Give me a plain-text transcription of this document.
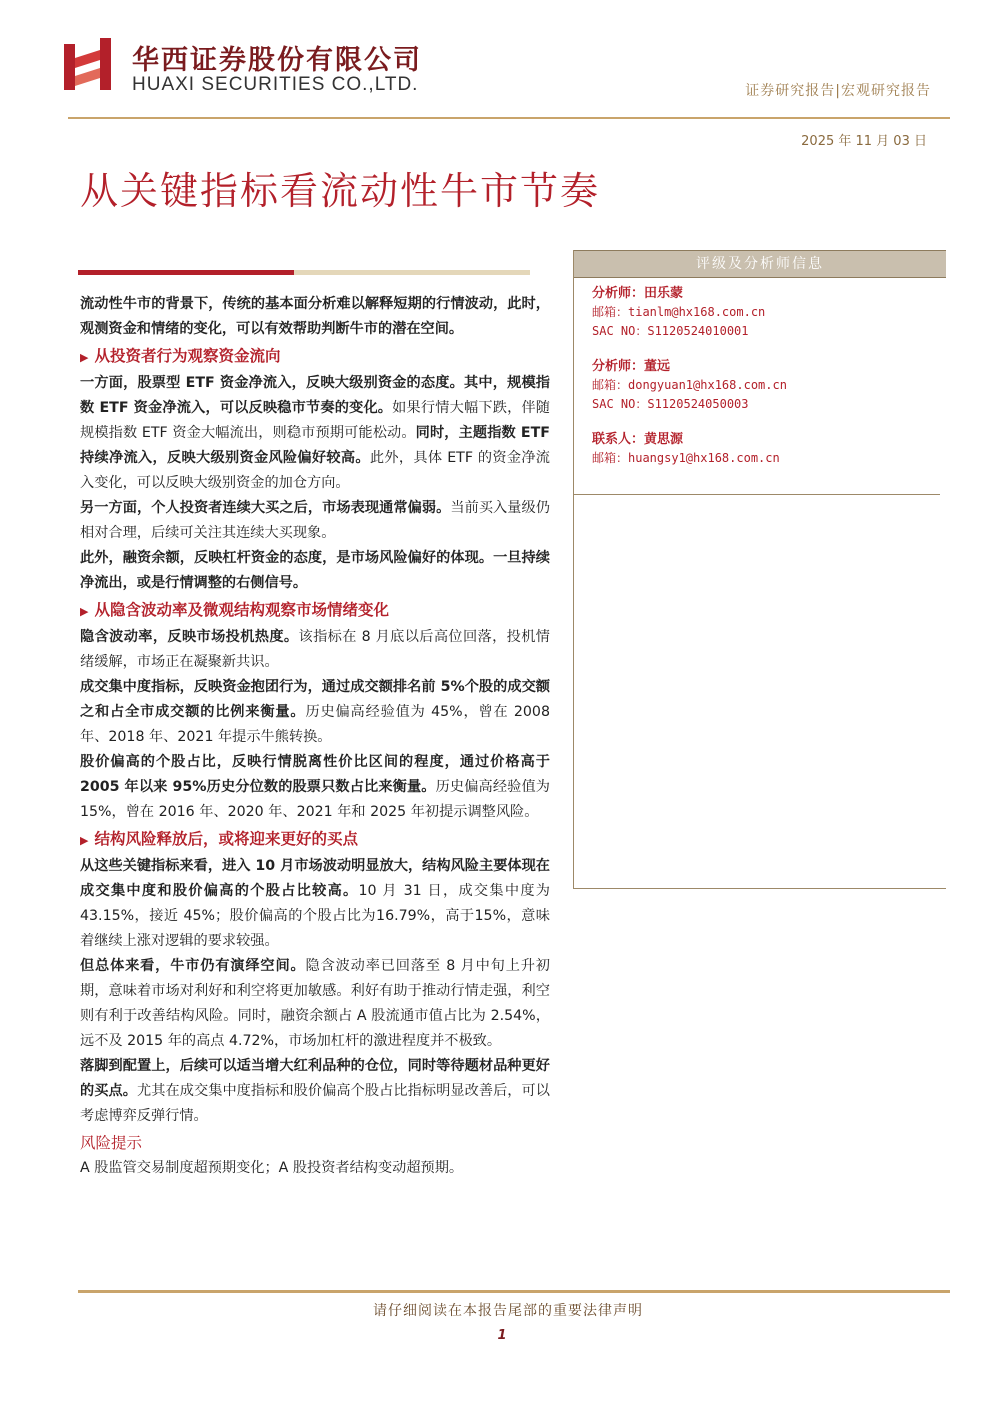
华西证券股份有限公司
HUAXI SECURITIES CO.,LTD.	证券研究报告|宏观研究报告
2025 年 11 月 03 日
从关键指标看流动性牛市节奏

流动性牛市的背景下，传统的基本面分析难以解释短期的行情波动，此时，观测资金和情绪的变化，可以有效帮助判断牛市的潜在空间。

▶ 从投资者行为观察资金流向

一方面，股票型 ETF 资金净流入，反映大级别资金的态度。其中，规模指数 ETF 资金净流入，可以反映稳市节奏的变化。如果行情大幅下跌，伴随规模指数 ETF 资金大幅流出，则稳市预期可能松动。同时，主题指数 ETF 持续净流入，反映大级别资金风险偏好较高。此外，具体 ETF 的资金净流入变化，可以反映大级别资金的加仓方向。

另一方面，个人投资者连续大买之后，市场表现通常偏弱。当前买入量级仍相对合理，后续可关注其连续大买现象。

此外，融资余额，反映杠杆资金的态度，是市场风险偏好的体现。一旦持续净流出，或是行情调整的右侧信号。

▶ 从隐含波动率及微观结构观察市场情绪变化

隐含波动率，反映市场投机热度。该指标在 8 月底以后高位回落，投机情绪缓解，市场正在凝聚新共识。

成交集中度指标，反映资金抱团行为，通过成交额排名前 5%个股的成交额之和占全市成交额的比例来衡量。历史偏高经验值为 45%，曾在 2008 年、2018 年、2021 年提示牛熊转换。

股价偏高的个股占比，反映行情脱离性价比区间的程度，通过价格高于 2005 年以来 95%历史分位数的股票只数占比来衡量。历史偏高经验值为 15%，曾在 2016 年、2020 年、2021 年和 2025 年初提示调整风险。

▶ 结构风险释放后，或将迎来更好的买点

从这些关键指标来看，进入 10 月市场波动明显放大，结构风险主要体现在成交集中度和股价偏高的个股占比较高。10 月 31 日，成交集中度为 43.15%，接近 45%；股价偏高的个股占比为16.79%，高于15%，意味着继续上涨对逻辑的要求较强。

但总体来看，牛市仍有演绎空间。隐含波动率已回落至 8 月中旬上升初期，意味着市场对利好和利空将更加敏感。利好有助于推动行情走强，利空则有利于改善结构风险。同时，融资余额占 A 股流通市值占比为 2.54%，远不及 2015 年的高点 4.72%，市场加杠杆的激进程度并不极致。

落脚到配置上，后续可以适当增大红利品种的仓位，同时等待题材品种更好的买点。尤其在成交集中度指标和股价偏高个股占比指标明显改善后，可以考虑博弈反弹行情。

风险提示

A 股监管交易制度超预期变化；A 股投资者结构变动超预期。

评级及分析师信息
分析师：田乐蒙
邮箱：tianlm@hx168.com.cn
SAC NO：S1120524010001
分析师：董远
邮箱：dongyuan1@hx168.com.cn
SAC NO：S1120524050003
联系人：黄思源
邮箱：huangsy1@hx168.com.cn
请仔细阅读在本报告尾部的重要法律声明
1
